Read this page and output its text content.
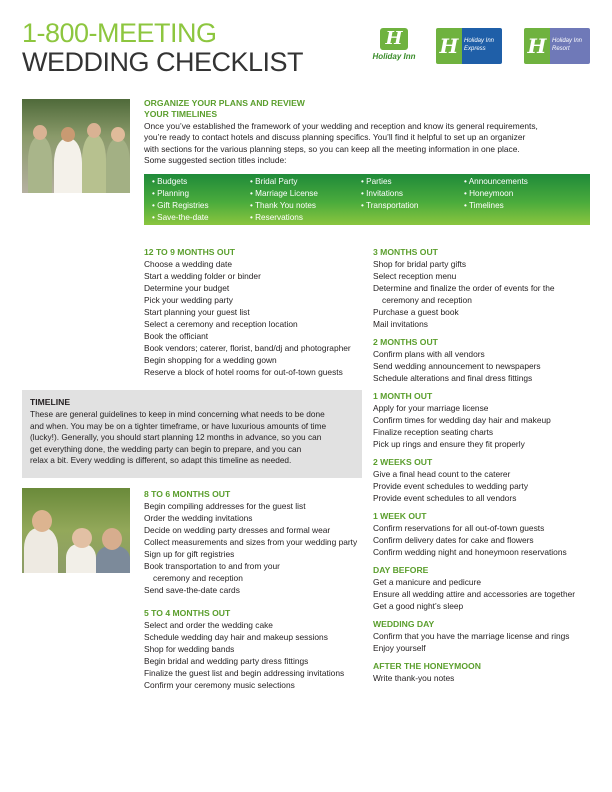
1-800-MEETING
WEDDING CHECKLIST
H
Holiday Inn H Holiday Inn
Express	H Holiday Inn
Resort
ORGANIZE YOUR PLANS AND REVIEW
YOUR TIMELINES
Once you’ve established the framework of your wedding and reception and know its general requirements,
you’re ready to contact hotels and discuss planning specifics. You’ll find it helpful to set up an organizer
with sections for the various planning steps, so you can keep all the meeting information in one place.
Some suggested section titles include:
• Budgets	• Bridal Party	• Parties	• Announcements
• Planning	• Marriage License	• Invitations	• Honeymoon
• Gift Registries	• Thank You notes	• Transportation	• Timelines
• Save-the-date	• Reservations
12 TO 9 MONTHS OUT
Choose a wedding date
Start a wedding folder or binder
Determine your budget
Pick your wedding party
Start planning your guest list
Select a ceremony and reception location
Book the officiant
Book vendors; caterer, florist, band/dj and photographer
Begin shopping for a wedding gown
Reserve a block of hotel rooms for out-of-town guests
TIMELINE
These are general guidelines to keep in mind concerning what needs to be done
and when. You may be on a tighter timeframe, or have luxurious amounts of time
(lucky!). Generally, you should start planning 12 months in advance, so you can
get everything done, the wedding party can begin to prepare, and you can
relax a bit. Every wedding is different, so adapt this timeline as needed.
8 TO 6 MONTHS OUT
Begin compiling addresses for the guest list
Order the wedding invitations
Decide on wedding party dresses and formal wear
Collect measurements and sizes from your wedding party
Sign up for gift registries
Book transportation to and from your
ceremony and reception
Send save-the-date cards
5 TO 4 MONTHS OUT
Select and order the wedding cake
Schedule wedding day hair and makeup sessions
Shop for wedding bands
Begin bridal and wedding party dress fittings
Finalize the guest list and begin addressing invitations
Confirm your ceremony music selections
3 MONTHS OUT
Shop for bridal party gifts
Select reception menu
Determine and finalize the order of events for the
ceremony and reception
Purchase a guest book
Mail invitations
2 MONTHS OUT
Confirm plans with all vendors
Send wedding announcement to newspapers
Schedule alterations and final dress fittings
1 MONTH OUT
Apply for your marriage license
Confirm times for wedding day hair and makeup
Finalize reception seating charts
Pick up rings and ensure they fit properly
2 WEEKS OUT
Give a final head count to the caterer
Provide event schedules to wedding party
Provide event schedules to all vendors
1 WEEK OUT
Confirm reservations for all out-of-town guests
Confirm delivery dates for cake and flowers
Confirm wedding night and honeymoon reservations
DAY BEFORE
Get a manicure and pedicure
Ensure all wedding attire and accessories are together
Get a good night’s sleep
WEDDING DAY
Confirm that you have the marriage license and rings
Enjoy yourself
AFTER THE HONEYMOON
Write thank-you notes
